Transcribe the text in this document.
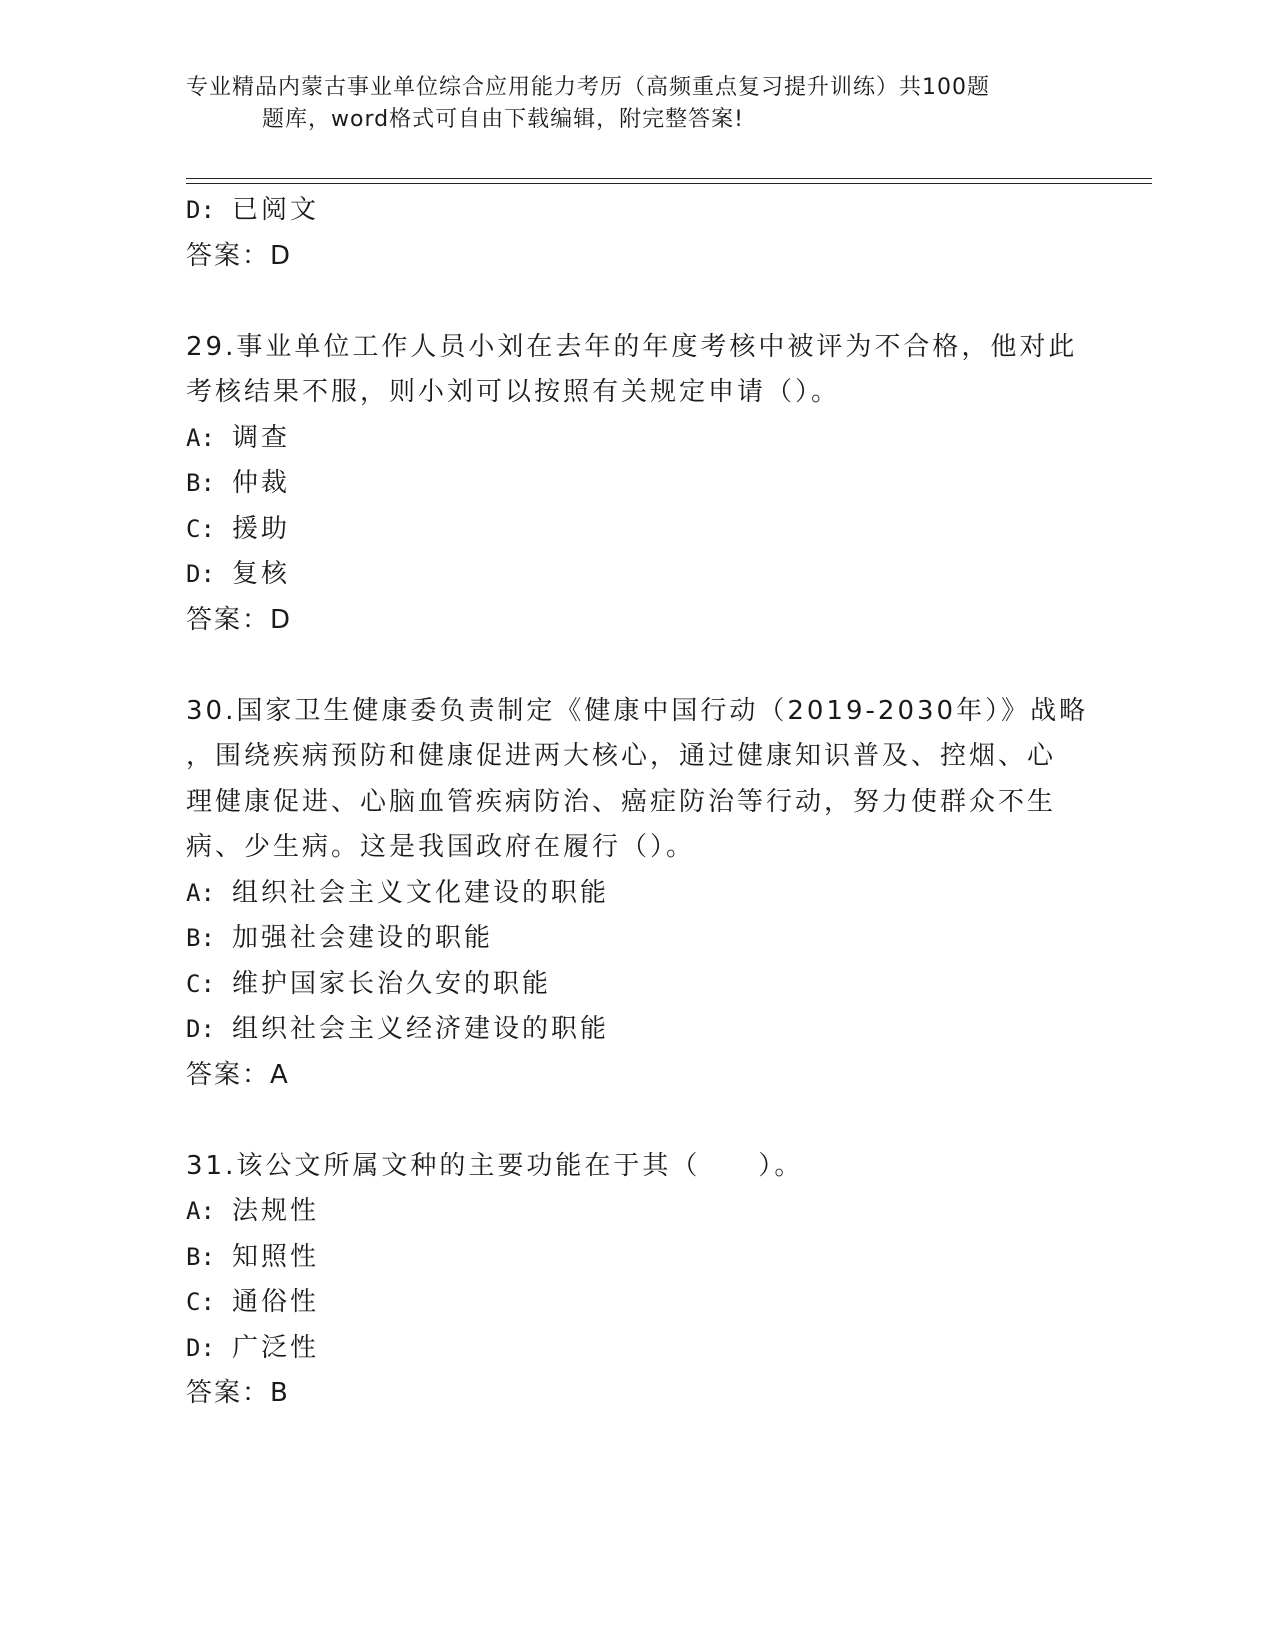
专业精品内蒙古事业单位综合应用能力考历（高频重点复习提升训练）共100题
题库，word格式可自由下载编辑，附完整答案!
D: 已阅文
答案：D
29.事业单位工作人员小刘在去年的年度考核中被评为不合格，他对此
考核结果不服，则小刘可以按照有关规定申请（）。
A: 调查
B: 仲裁
C: 援助
D: 复核
答案：D
30.国家卫生健康委负责制定《健康中国行动（2019-2030年）》战略
，围绕疾病预防和健康促进两大核心，通过健康知识普及、控烟、心
理健康促进、心脑血管疾病防治、癌症防治等行动，努力使群众不生
病、少生病。这是我国政府在履行（）。
A: 组织社会主义文化建设的职能
B: 加强社会建设的职能
C: 维护国家长治久安的职能
D: 组织社会主义经济建设的职能
答案：A
31.该公文所属文种的主要功能在于其（　　）。
A: 法规性
B: 知照性
C: 通俗性
D: 广泛性
答案：B
